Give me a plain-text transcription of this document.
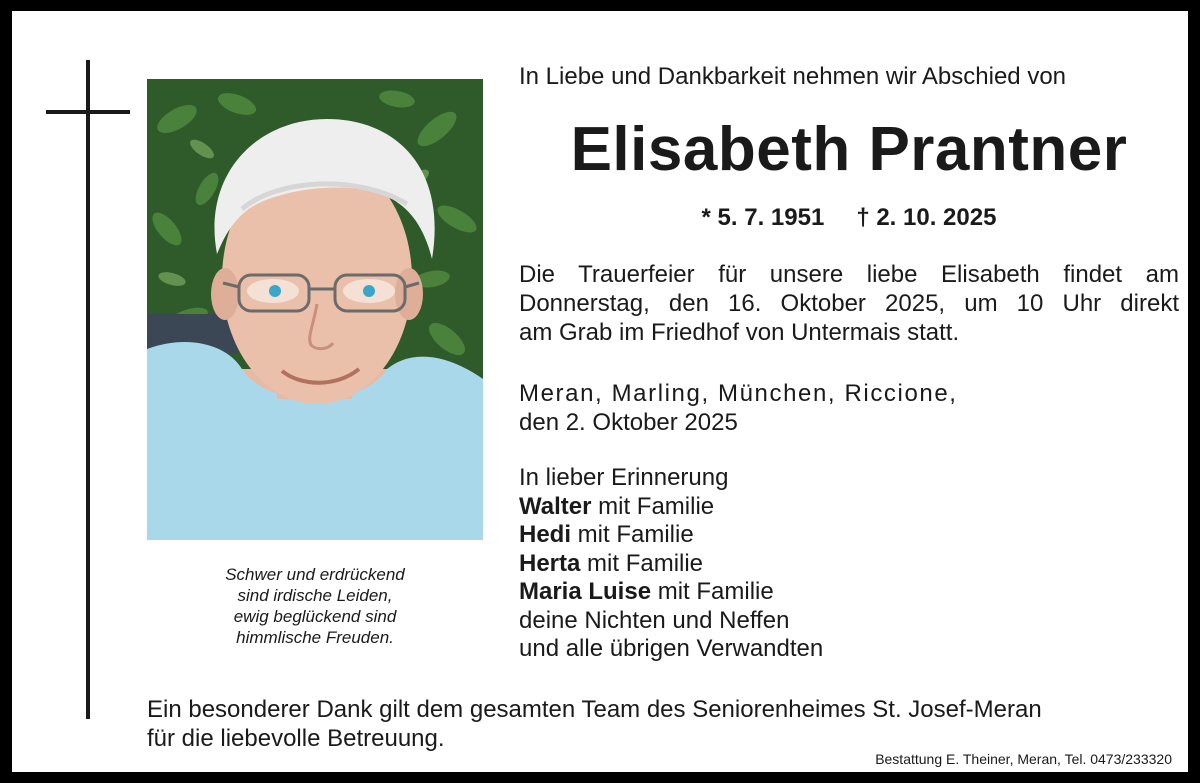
Schwer und erdrückend
sind irdische Leiden,
ewig beglückend sind
himmlische Freuden.
In Liebe und Dankbarkeit nehmen wir Abschied von
Elisabeth Prantner
* 5. 7. 1951 † 2. 10. 2025
Die Trauerfeier für unsere liebe Elisabeth findet am
Donnerstag, den 16. Oktober 2025, um 10 Uhr direkt
am Grab im Friedhof von Untermais statt.
Meran, Marling, München, Riccione,
den 2. Oktober 2025
In lieber Erinnerung
Walter mit Familie
Hedi mit Familie
Herta mit Familie
Maria Luise mit Familie
deine Nichten und Neffen
und alle übrigen Verwandten
Ein besonderer Dank gilt dem gesamten Team des Seniorenheimes St. Josef-Meran
für die liebevolle Betreuung.
Bestattung E. Theiner, Meran, Tel. 0473/233320
